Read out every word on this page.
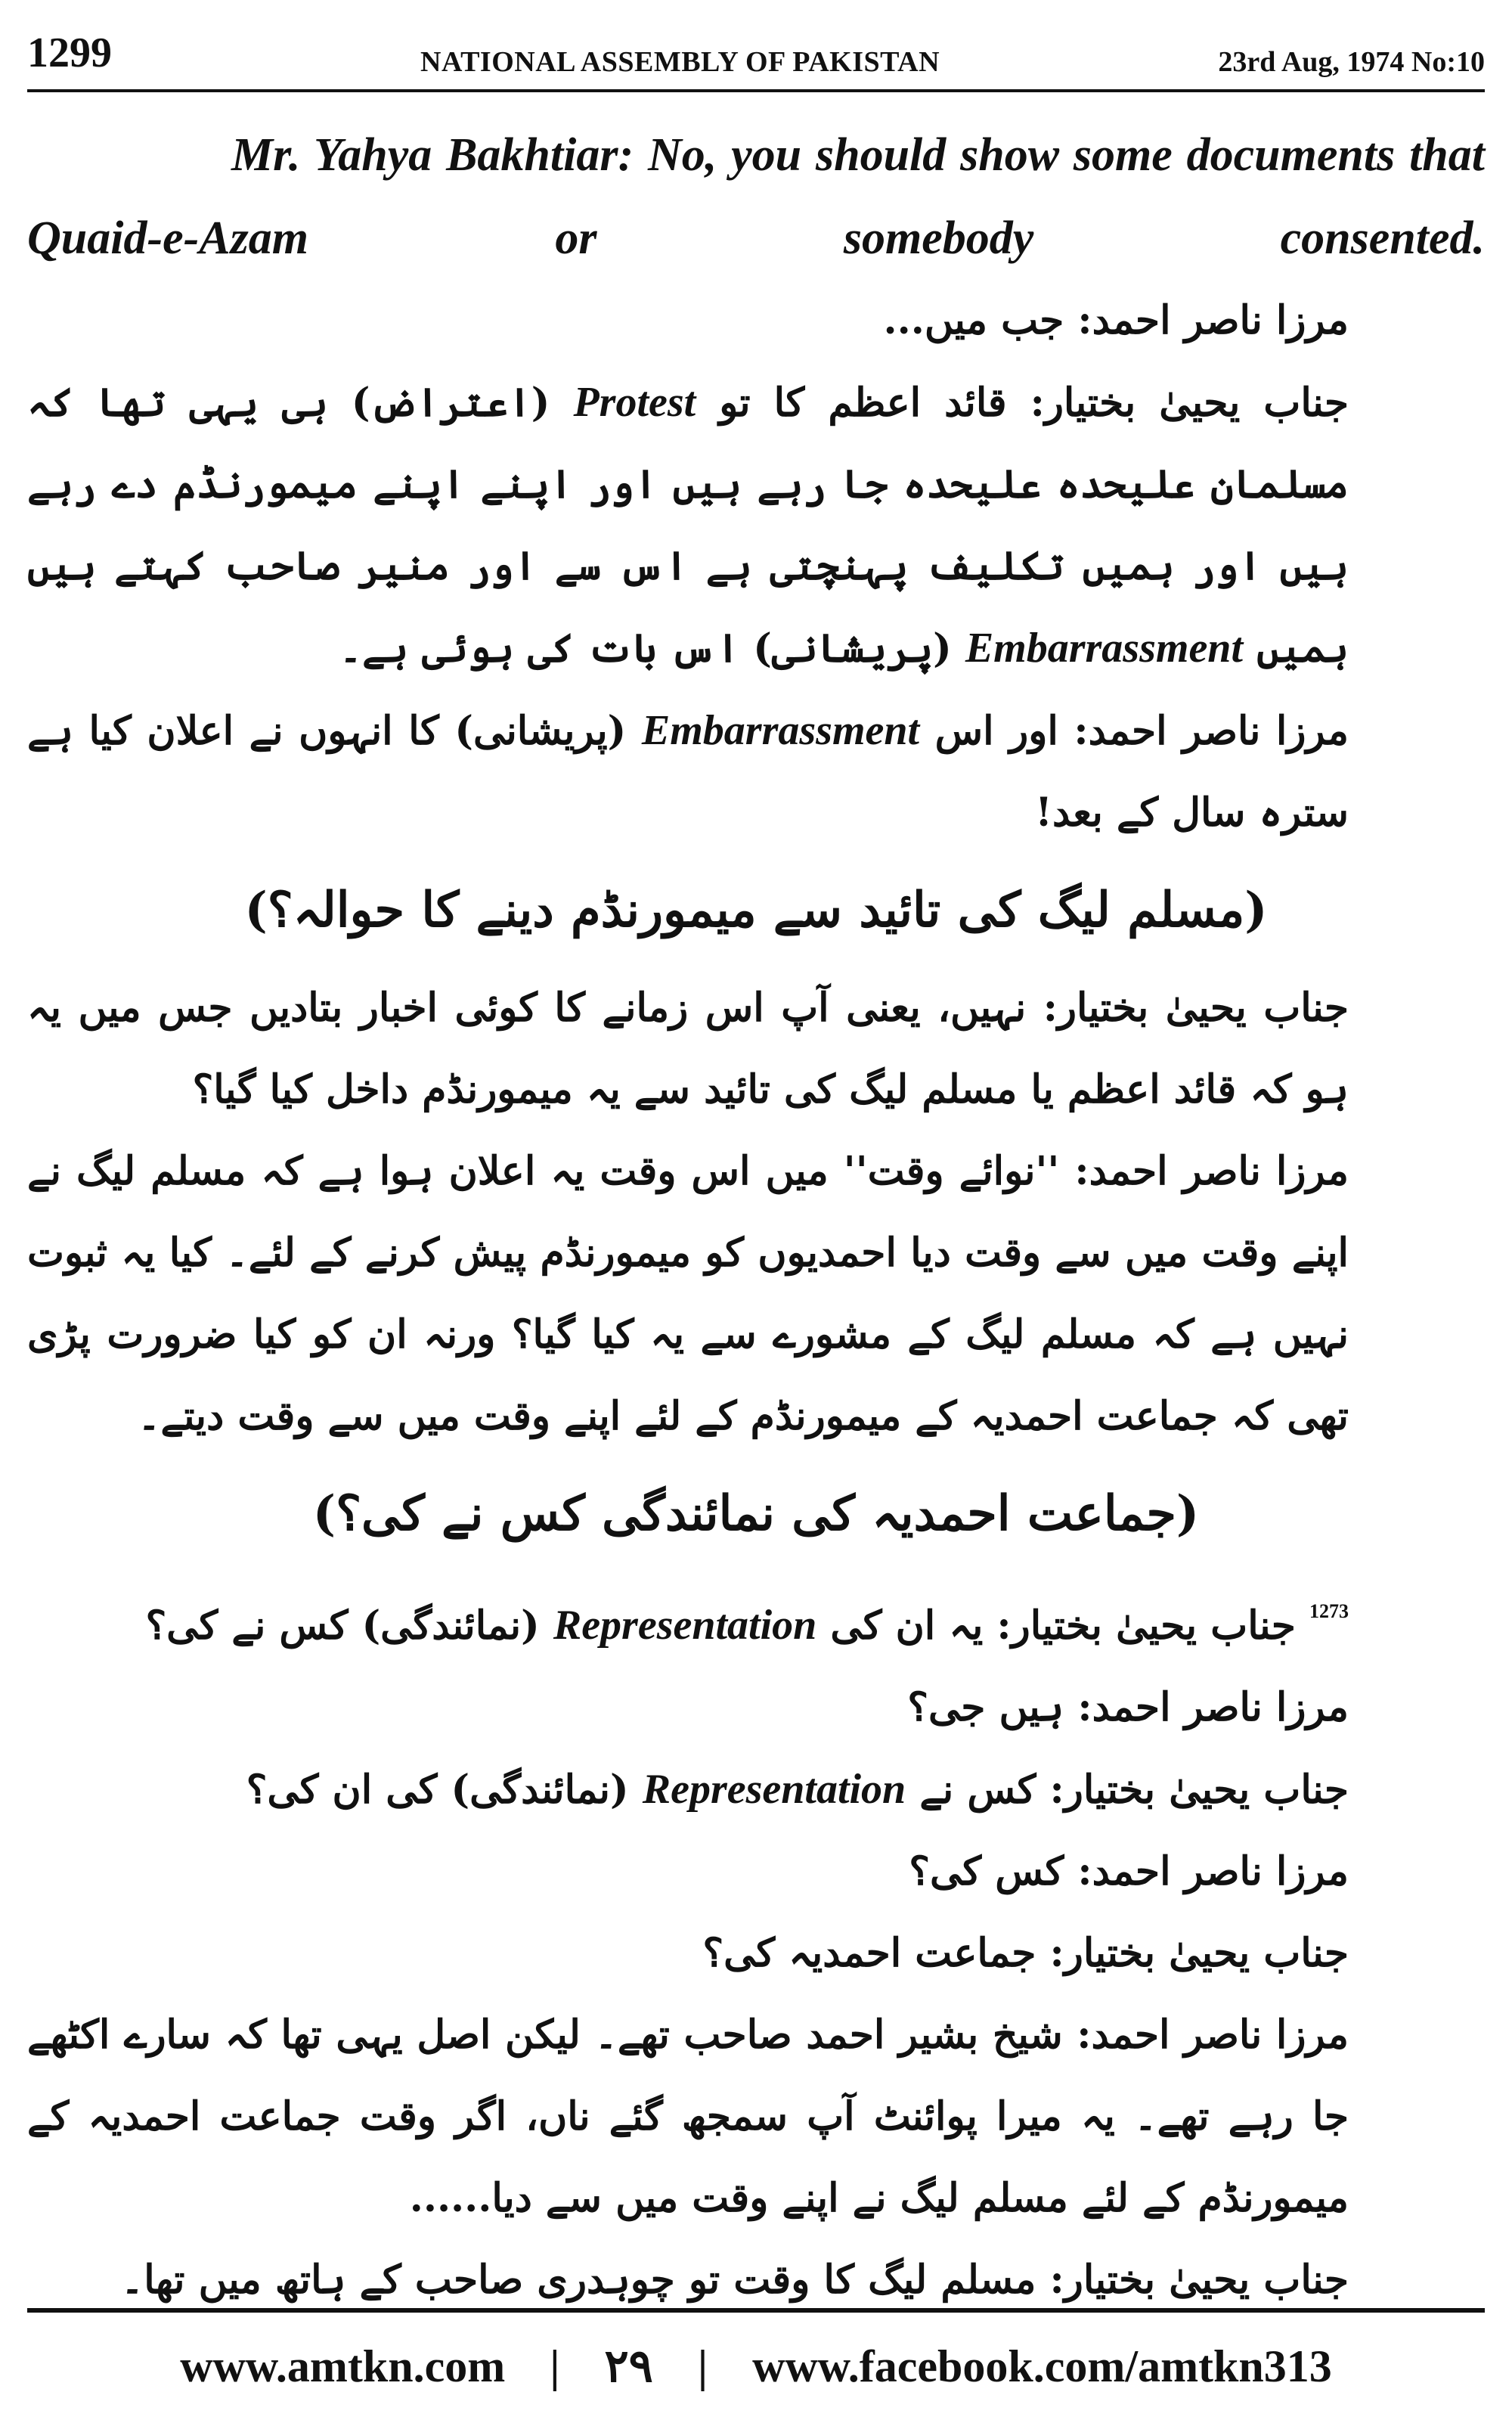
1299	NATIONAL ASSEMBLY OF PAKISTAN	23rd Aug, 1974 No:10
Mr. Yahya Bakhtiar: No, you should show some documents that Quaid-e-Azam or somebody consented.

مرزا ناصر احمد: جب میں...

جناب یحییٰ بختیار: قائد اعظم کا تو Protest (اعتراض) ہی یہی تھا کہ مسلمان علیحدہ علیحدہ جا رہے ہیں اور اپنے اپنے میمورنڈم دے رہے ہیں اور ہمیں تکلیف پہنچتی ہے اس سے اور منیر صاحب کہتے ہیں ہمیں Embarrassment (پریشانی) اس بات کی ہوئی ہے۔

مرزا ناصر احمد: اور اس Embarrassment (پریشانی) کا انہوں نے اعلان کیا ہے سترہ سال کے بعد!

(مسلم لیگ کی تائید سے میمورنڈم دینے کا حوالہ؟)

جناب یحییٰ بختیار: نہیں، یعنی آپ اس زمانے کا کوئی اخبار بتادیں جس میں یہ ہو کہ قائد اعظم یا مسلم لیگ کی تائید سے یہ میمورنڈم داخل کیا گیا؟

مرزا ناصر احمد: ''نوائے وقت'' میں اس وقت یہ اعلان ہوا ہے کہ مسلم لیگ نے اپنے وقت میں سے وقت دیا احمدیوں کو میمورنڈم پیش کرنے کے لئے۔ کیا یہ ثبوت نہیں ہے کہ مسلم لیگ کے مشورے سے یہ کیا گیا؟ ورنہ ان کو کیا ضرورت پڑی تھی کہ جماعت احمدیہ کے میمورنڈم کے لئے اپنے وقت میں سے وقت دیتے۔

(جماعت احمدیہ کی نمائندگی کس نے کی؟)

$^{1273}$ جناب یحییٰ بختیار: یہ ان کی Representation (نمائندگی) کس نے کی؟

مرزا ناصر احمد: ہیں جی؟

جناب یحییٰ بختیار: کس نے Representation (نمائندگی) کی ان کی؟

مرزا ناصر احمد: کس کی؟

جناب یحییٰ بختیار: جماعت احمدیہ کی؟

مرزا ناصر احمد: شیخ بشیر احمد صاحب تھے۔ لیکن اصل یہی تھا کہ سارے اکٹھے جا رہے تھے۔ یہ میرا پوائنٹ آپ سمجھ گئے ناں، اگر وقت جماعت احمدیہ کے میمورنڈم کے لئے مسلم لیگ نے اپنے وقت میں سے دیا......

جناب یحییٰ بختیار: مسلم لیگ کا وقت تو چوہدری صاحب کے ہاتھ میں تھا۔

www.amtkn.com | ۲۹ | www.facebook.com/amtkn313
